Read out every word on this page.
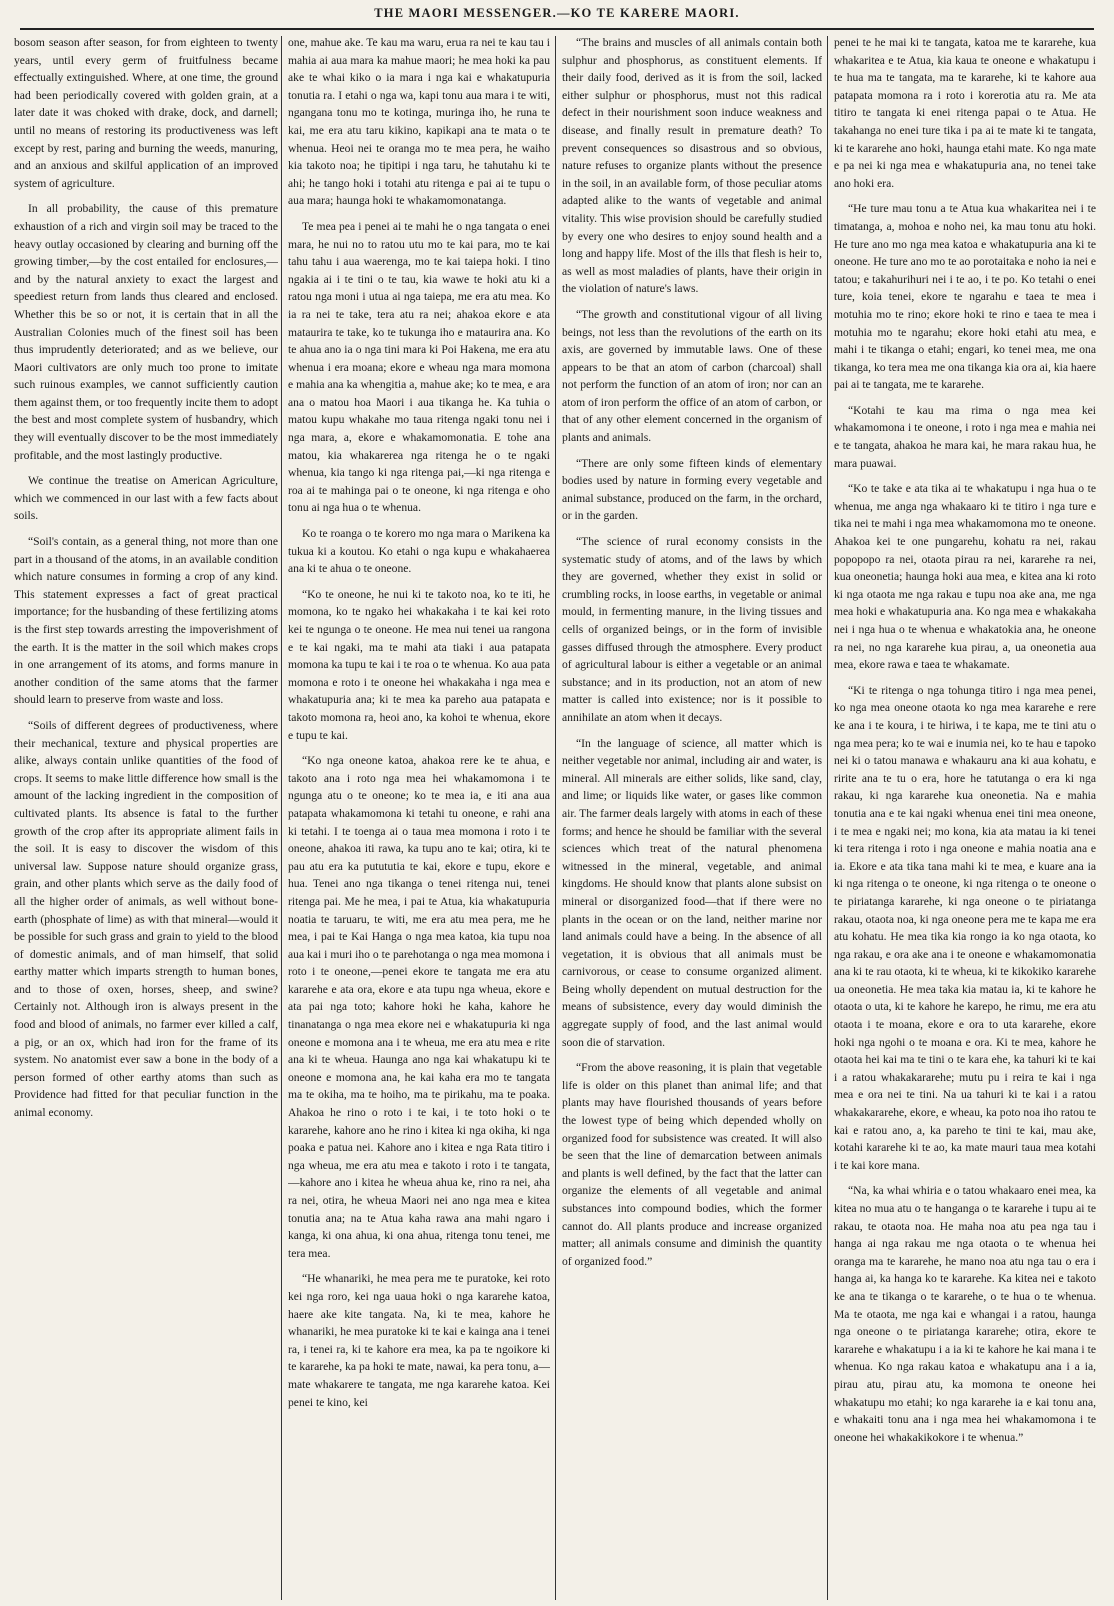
THE MAORI MESSENGER.—KO TE KARERE MAORI.

bosom season after season, for from eighteen to twenty years, until every germ of fruitfulness became effectually extinguished. Where, at one time, the ground had been periodically covered with golden grain, at a later date it was choked with drake, dock, and darnell; until no means of restoring its productiveness was left except by rest, paring and burning the weeds, manuring, and an anxious and skilful application of an improved system of agriculture.

In all probability, the cause of this premature exhaustion of a rich and virgin soil may be traced to the heavy outlay occasioned by clearing and burning off the growing timber,—by the cost entailed for enclosures,—and by the natural anxiety to exact the largest and speediest return from lands thus cleared and enclosed. Whether this be so or not, it is certain that in all the Australian Colonies much of the finest soil has been thus imprudently deteriorated; and as we believe, our Maori cultivators are only much too prone to imitate such ruinous examples, we cannot sufficiently caution them against them, or too frequently incite them to adopt the best and most complete system of husbandry, which they will eventually discover to be the most immediately profitable, and the most lastingly productive.

We continue the treatise on American Agriculture, which we commenced in our last with a few facts about soils.

“Soil's contain, as a general thing, not more than one part in a thousand of the atoms, in an available condition which nature consumes in forming a crop of any kind. This statement expresses a fact of great practical importance; for the husbanding of these fertilizing atoms is the first step towards arresting the impoverishment of the earth. It is the matter in the soil which makes crops in one arrangement of its atoms, and forms manure in another condition of the same atoms that the farmer should learn to preserve from waste and loss.

“Soils of different degrees of productiveness, where their mechanical, texture and physical properties are alike, always contain unlike quantities of the food of crops. It seems to make little difference how small is the amount of the lacking ingredient in the composition of cultivated plants. Its absence is fatal to the further growth of the crop after its appropriate aliment fails in the soil. It is easy to discover the wisdom of this universal law. Suppose nature should organize grass, grain, and other plants which serve as the daily food of all the higher order of animals, as well without bone-earth (phosphate of lime) as with that mineral—would it be possible for such grass and grain to yield to the blood of domestic animals, and of man himself, that solid earthy matter which imparts strength to human bones, and to those of oxen, horses, sheep, and swine? Certainly not. Although iron is always present in the food and blood of animals, no farmer ever killed a calf, a pig, or an ox, which had iron for the frame of its system. No anatomist ever saw a bone in the body of a person formed of other earthy atoms than such as Providence had fitted for that peculiar function in the animal economy.

one, mahue ake. Te kau ma waru, erua ra nei te kau tau i mahia ai aua mara ka mahue maori; he mea hoki ka pau ake te whai kiko o ia mara i nga kai e whakatupuria tonutia ra. I etahi o nga wa, kapi tonu aua mara i te witi, ngangana tonu mo te kotinga, muringa iho, he runa te kai, me era atu taru kikino, kapikapi ana te mata o te whenua. Heoi nei te oranga mo te mea pera, he waiho kia takoto noa; he tipitipi i nga taru, he tahutahu ki te ahi; he tango hoki i totahi atu ritenga e pai ai te tupu o aua mara; haunga hoki te whakamomonatanga.

Te mea pea i penei ai te mahi he o nga tangata o enei mara, he nui no to ratou utu mo te kai para, mo te kai tahu tahu i aua waerenga, mo te kai taiepa hoki. I tino ngakia ai i te tini o te tau, kia wawe te hoki atu ki a ratou nga moni i utua ai nga taiepa, me era atu mea. Ko ia ra nei te take, tera atu ra nei; ahakoa ekore e ata mataurira te take, ko te tukunga iho e mataurira ana. Ko te ahua ano ia o nga tini mara ki Poi Hakena, me era atu whenua i era moana; ekore e wheau nga mara momona e mahia ana ka whengitia a, mahue ake; ko te mea, e ara ana o matou hoa Maori i aua tikanga he. Ka tuhia o matou kupu whakahe mo taua ritenga ngaki tonu nei i nga mara, a, ekore e whakamomonatia. E tohe ana matou, kia whakarerea nga ritenga he o te ngaki whenua, kia tango ki nga ritenga pai,—ki nga ritenga e roa ai te mahinga pai o te oneone, ki nga ritenga e oho tonu ai nga hua o te whenua.

Ko te roanga o te korero mo nga mara o Marikena ka tukua ki a koutou. Ko etahi o nga kupu e whakahaerea ana ki te ahua o te oneone.

“Ko te oneone, he nui ki te takoto noa, ko te iti, he momona, ko te ngako hei whakakaha i te kai kei roto kei te ngunga o te oneone. He mea nui tenei ua rangona e te kai ngaki, ma te mahi ata tiaki i aua patapata momona ka tupu te kai i te roa o te whenua. Ko aua pata momona e roto i te oneone hei whakakaha i nga mea e whakatupuria ana; ki te mea ka pareho aua patapata e takoto momona ra, heoi ano, ka kohoi te whenua, ekore e tupu te kai.

“Ko nga oneone katoa, ahakoa rere ke te ahua, e takoto ana i roto nga mea hei whakamomona i te ngunga atu o te oneone; ko te mea ia, e iti ana aua patapata whakamomona ki tetahi tu oneone, e rahi ana ki tetahi. I te toenga ai o taua mea momona i roto i te oneone, ahakoa iti rawa, ka tupu ano te kai; otira, ki te pau atu era ka putututia te kai, ekore e tupu, ekore e hua. Tenei ano nga tikanga o tenei ritenga nui, tenei ritenga pai. Me he mea, i pai te Atua, kia whakatupuria noatia te taruaru, te witi, me era atu mea pera, me he mea, i pai te Kai Hanga o nga mea katoa, kia tupu noa aua kai i muri iho o te parehotanga o nga mea momona i roto i te oneone,—penei ekore te tangata me era atu kararehe e ata ora, ekore e ata tupu nga wheua, ekore e ata pai nga toto; kahore hoki he kaha, kahore he tinanatanga o nga mea ekore nei e whakatupuria ki nga oneone e momona ana i te wheua, me era atu mea e rite ana ki te wheua. Haunga ano nga kai whakatupu ki te oneone e momona ana, he kai kaha era mo te tangata ma te okiha, ma te hoiho, ma te pirikahu, ma te poaka. Ahakoa he rino o roto i te kai, i te toto hoki o te kararehe, kahore ano he rino i kitea ki nga okiha, ki nga poaka e patua nei. Kahore ano i kitea e nga Rata titiro i nga wheua, me era atu mea e takoto i roto i te tangata,—kahore ano i kitea he wheua ahua ke, rino ra nei, aha ra nei, otira, he wheua Maori nei ano nga mea e kitea tonutia ana; na te Atua kaha rawa ana mahi ngaro i kanga, ki ona ahua, ki ona ahua, ritenga tonu tenei, me tera mea.

“He whanariki, he mea pera me te puratoke, kei roto kei nga roro, kei nga uaua hoki o nga kararehe katoa, haere ake kite tangata. Na, ki te mea, kahore he whanariki, he mea puratoke ki te kai e kainga ana i tenei ra, i tenei ra, ki te kahore era mea, ka pa te ngoikore ki te kararehe, ka pa hoki te mate, nawai, ka pera tonu, a—mate whakarere te tangata, me nga kararehe katoa. Kei penei te kino, kei

“The brains and muscles of all animals contain both sulphur and phosphorus, as constituent elements. If their daily food, derived as it is from the soil, lacked either sulphur or phosphorus, must not this radical defect in their nourishment soon induce weakness and disease, and finally result in premature death? To prevent consequences so disastrous and so obvious, nature refuses to organize plants without the presence in the soil, in an available form, of those peculiar atoms adapted alike to the wants of vegetable and animal vitality. This wise provision should be carefully studied by every one who desires to enjoy sound health and a long and happy life. Most of the ills that flesh is heir to, as well as most maladies of plants, have their origin in the violation of nature's laws.

“The growth and constitutional vigour of all living beings, not less than the revolutions of the earth on its axis, are governed by immutable laws. One of these appears to be that an atom of carbon (charcoal) shall not perform the function of an atom of iron; nor can an atom of iron perform the office of an atom of carbon, or that of any other element concerned in the organism of plants and animals.

“There are only some fifteen kinds of elementary bodies used by nature in forming every vegetable and animal substance, produced on the farm, in the orchard, or in the garden.

“The science of rural economy consists in the systematic study of atoms, and of the laws by which they are governed, whether they exist in solid or crumbling rocks, in loose earths, in vegetable or animal mould, in fermenting manure, in the living tissues and cells of organized beings, or in the form of invisible gasses diffused through the atmosphere. Every product of agricultural labour is either a vegetable or an animal substance; and in its production, not an atom of new matter is called into existence; nor is it possible to annihilate an atom when it decays.

“In the language of science, all matter which is neither vegetable nor animal, including air and water, is mineral. All minerals are either solids, like sand, clay, and lime; or liquids like water, or gases like common air. The farmer deals largely with atoms in each of these forms; and hence he should be familiar with the several sciences which treat of the natural phenomena witnessed in the mineral, vegetable, and animal kingdoms. He should know that plants alone subsist on mineral or disorganized food—that if there were no plants in the ocean or on the land, neither marine nor land animals could have a being. In the absence of all vegetation, it is obvious that all animals must be carnivorous, or cease to consume organized aliment. Being wholly dependent on mutual destruction for the means of subsistence, every day would diminish the aggregate supply of food, and the last animal would soon die of starvation.

“From the above reasoning, it is plain that vegetable life is older on this planet than animal life; and that plants may have flourished thousands of years before the lowest type of being which depended wholly on organized food for subsistence was created. It will also be seen that the line of demarcation between animals and plants is well defined, by the fact that the latter can organize the elements of all vegetable and animal substances into compound bodies, which the former cannot do. All plants produce and increase organized matter; all animals consume and diminish the quantity of organized food.”

penei te he mai ki te tangata, katoa me te kararehe, kua whakaritea e te Atua, kia kaua te oneone e whakatupu i te hua ma te tangata, ma te kararehe, ki te kahore aua patapata momona ra i roto i korerotia atu ra. Me ata titiro te tangata ki enei ritenga papai o te Atua. He takahanga no enei ture tika i pa ai te mate ki te tangata, ki te kararehe ano hoki, haunga etahi mate. Ko nga mate e pa nei ki nga mea e whakatupuria ana, no tenei take ano hoki era.

“He ture mau tonu a te Atua kua whakaritea nei i te timatanga, a, mohoa e noho nei, ka mau tonu atu hoki. He ture ano mo nga mea katoa e whakatupuria ana ki te oneone. He ture ano mo te ao porotaitaka e noho ia nei e tatou; e takahurihuri nei i te ao, i te po. Ko tetahi o enei ture, koia tenei, ekore te ngarahu e taea te mea i motuhia mo te rino; ekore hoki te rino e taea te mea i motuhia mo te ngarahu; ekore hoki etahi atu mea, e mahi i te tikanga o etahi; engari, ko tenei mea, me ona tikanga, ko tera mea me ona tikanga kia ora ai, kia haere pai ai te tangata, me te kararehe.

“Kotahi te kau ma rima o nga mea kei whakamomona i te oneone, i roto i nga mea e mahia nei e te tangata, ahakoa he mara kai, he mara rakau hua, he mara puawai.

“Ko te take e ata tika ai te whakatupu i nga hua o te whenua, me anga nga whakaaro ki te titiro i nga ture e tika nei te mahi i nga mea whakamomona mo te oneone. Ahakoa kei te one pungarehu, kohatu ra nei, rakau popopopo ra nei, otaota pirau ra nei, kararehe ra nei, kua oneonetia; haunga hoki aua mea, e kitea ana ki roto ki nga otaota me nga rakau e tupu noa ake ana, me nga mea hoki e whakatupuria ana. Ko nga mea e whakakaha nei i nga hua o te whenua e whakatokia ana, he oneone ra nei, no nga kararehe kua pirau, a, ua oneonetia aua mea, ekore rawa e taea te whakamate.

“Ki te ritenga o nga tohunga titiro i nga mea penei, ko nga mea oneone otaota ko nga mea kararehe e rere ke ana i te koura, i te hiriwa, i te kapa, me te tini atu o nga mea pera; ko te wai e inumia nei, ko te hau e tapoko nei ki o tatou manawa e whakauru ana ki aua kohatu, e ririte ana te tu o era, hore he tatutanga o era ki nga rakau, ki nga kararehe kua oneonetia. Na e mahia tonutia ana e te kai ngaki whenua enei tini mea oneone, i te mea e ngaki nei; mo kona, kia ata matau ia ki tenei ki tera ritenga i roto i nga oneone e mahia noatia ana e ia. Ekore e ata tika tana mahi ki te mea, e kuare ana ia ki nga ritenga o te oneone, ki nga ritenga o te oneone o te piriatanga kararehe, ki nga oneone o te piriatanga rakau, otaota noa, ki nga oneone pera me te kapa me era atu kohatu. He mea tika kia rongo ia ko nga otaota, ko nga rakau, e ora ake ana i te oneone e whakamomonatia ana ki te rau otaota, ki te wheua, ki te kikokiko kararehe ua oneonetia. He mea taka kia matau ia, ki te kahore he otaota o uta, ki te kahore he karepo, he rimu, me era atu otaota i te moana, ekore e ora to uta kararehe, ekore hoki nga ngohi o te moana e ora. Ki te mea, kahore he otaota hei kai ma te tini o te kara ehe, ka tahuri ki te kai i a ratou whakakararehe; mutu pu i reira te kai i nga mea e ora nei te tini. Na ua tahuri ki te kai i a ratou whakakararehe, ekore, e wheau, ka poto noa iho ratou te kai e ratou ano, a, ka pareho te tini te kai, mau ake, kotahi kararehe ki te ao, ka mate mauri taua mea kotahi i te kai kore mana.

“Na, ka whai whiria e o tatou whakaaro enei mea, ka kitea no mua atu o te hanganga o te kararehe i tupu ai te rakau, te otaota noa. He maha noa atu pea nga tau i hanga ai nga rakau me nga otaota o te whenua hei oranga ma te kararehe, he mano noa atu nga tau o era i hanga ai, ka hanga ko te kararehe. Ka kitea nei e takoto ke ana te tikanga o te kararehe, o te hua o te whenua. Ma te otaota, me nga kai e whangai i a ratou, haunga nga oneone o te piriatanga kararehe; otira, ekore te kararehe e whakatupu i a ia ki te kahore he kai mana i te whenua. Ko nga rakau katoa e whakatupu ana i a ia, pirau atu, pirau atu, ka momona te oneone hei whakatupu mo etahi; ko nga kararehe ia e kai tonu ana, e whakaiti tonu ana i nga mea hei whakamomona i te oneone hei whakakikokore i te whenua.”
